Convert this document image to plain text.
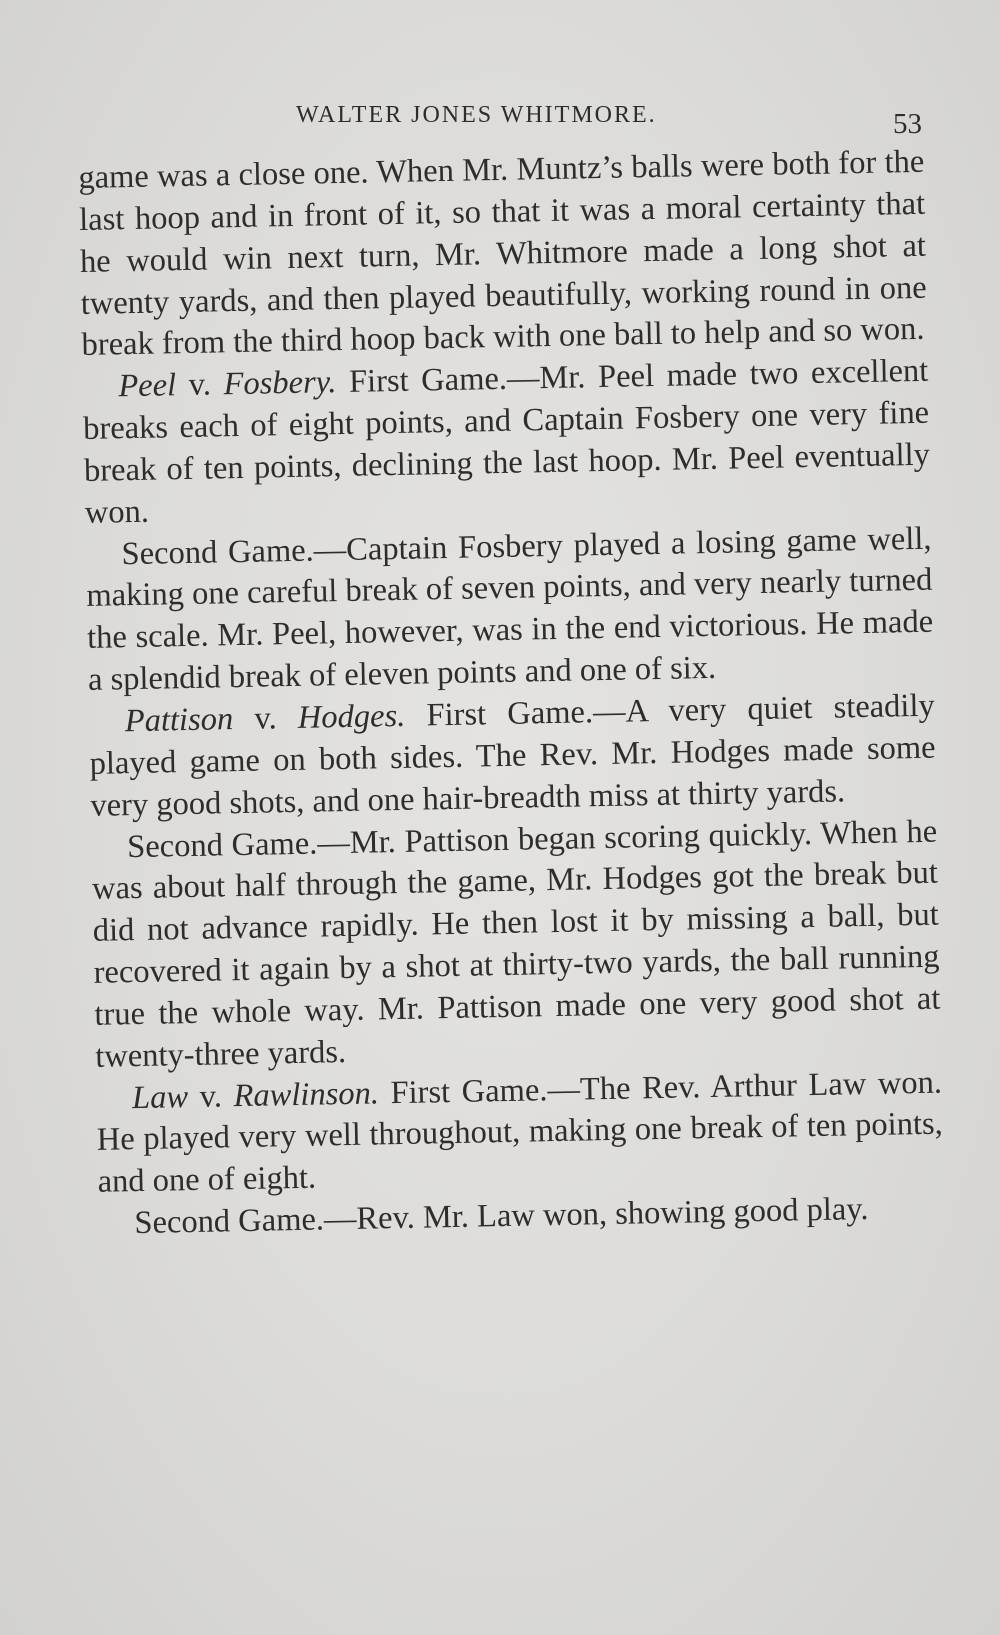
WALTER JONES WHITMORE.	53

game was a close one. When Mr. Muntz’s balls were both for the last hoop and in front of it, so that it was a moral certainty that he would win next turn, Mr. Whitmore made a long shot at twenty yards, and then played beautifully, working round in one break from the third hoop back with one ball to help and so won.

Peel v. Fosbery. First Game.—Mr. Peel made two excellent breaks each of eight points, and Captain Fosbery one very fine break of ten points, declining the last hoop. Mr. Peel eventually won.

Second Game.—Captain Fosbery played a losing game well, making one careful break of seven points, and very nearly turned the scale. Mr. Peel, however, was in the end victorious. He made a splendid break of eleven points and one of six.

Pattison v. Hodges. First Game.—A very quiet steadily played game on both sides. The Rev. Mr. Hodges made some very good shots, and one hair-breadth miss at thirty yards.

Second Game.—Mr. Pattison began scoring quickly. When he was about half through the game, Mr. Hodges got the break but did not advance rapidly. He then lost it by missing a ball, but recovered it again by a shot at thirty-two yards, the ball running true the whole way. Mr. Pattison made one very good shot at twenty-three yards.

Law v. Rawlinson. First Game.—The Rev. Arthur Law won. He played very well throughout, making one break of ten points, and one of eight.

Second Game.—Rev. Mr. Law won, showing good play.
